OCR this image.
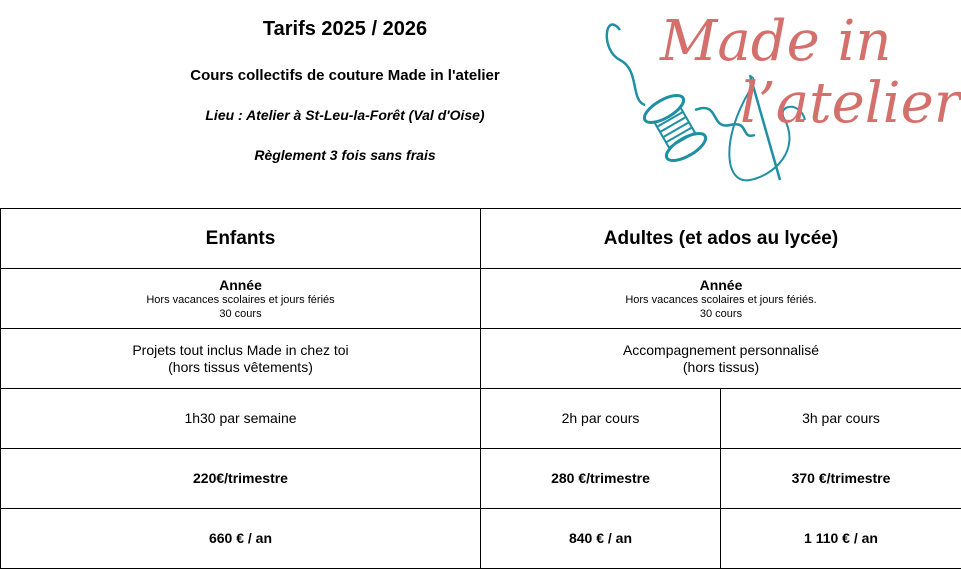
Tarifs 2025 / 2026
Cours collectifs de couture Made in l'atelier
Lieu : Atelier à St-Leu-la-Forêt (Val d'Oise)
Règlement 3 fois sans frais
Made in
l’atelier
Enfants	Adultes (et ados au lycée)	

Année
Hors vacances scolaires et jours fériés
30 cours	Année
Hors vacances scolaires et jours fériés.
30 cours	

Projets tout inclus Made in chez toi
(hors tissus vêtements)	Accompagnement personnalisé
(hors tissus)	

1h30 par semaine	2h par cours	3h par cours
220€/trimestre	280 €/trimestre	370 €/trimestre
660 € / an	840 € / an	1 110 € / an
